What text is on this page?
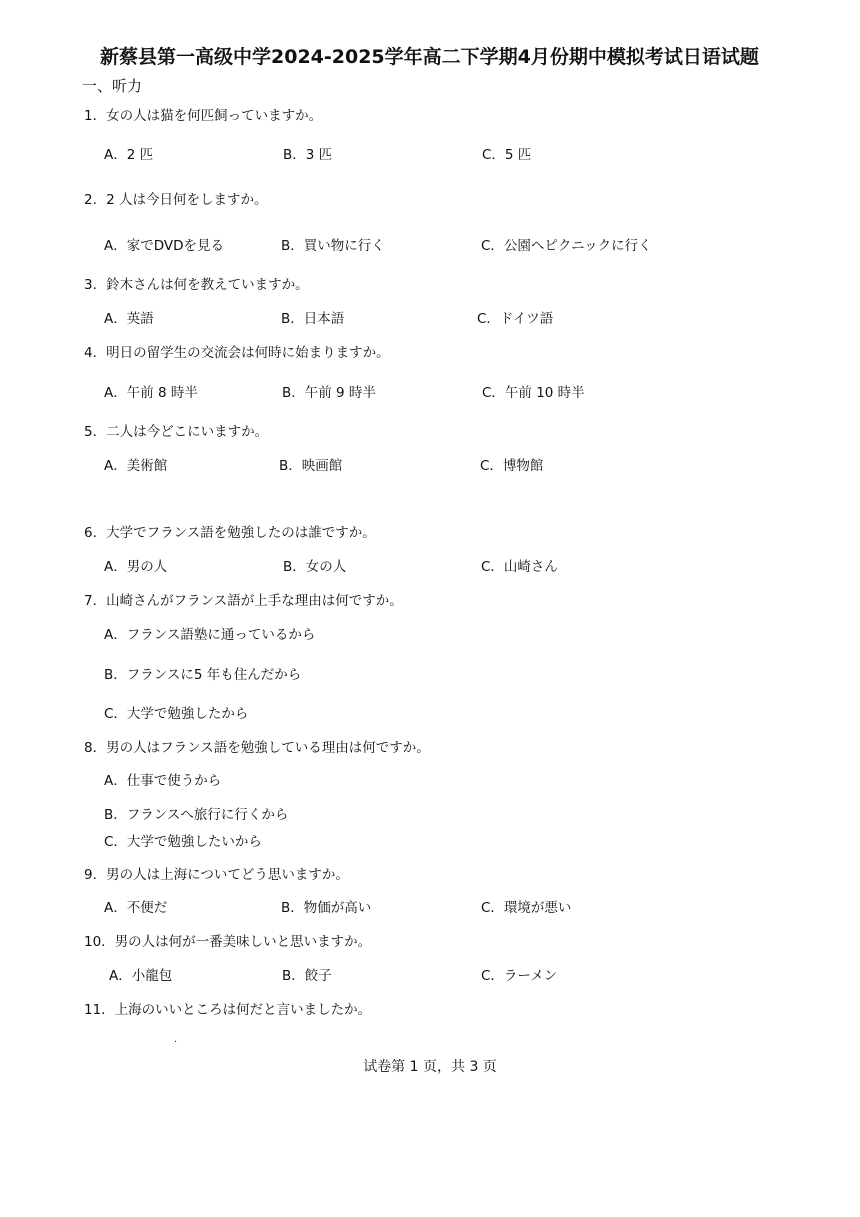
新蔡县第一高级中学2024-2025学年高二下学期4月份期中模拟考试日语试题
一、听力
1．女の人は猫を何匹飼っていますか。
A．2 匹	B．3 匹	C．5 匹
2．2 人は今日何をしますか。
A．家でDVDを見る	B．買い物に行く	C．公園へピクニックに行く
3．鈴木さんは何を教えていますか。
A．英語	B．日本語	C．ドイツ語
4．明日の留学生の交流会は何時に始まりますか。
A．午前 8 時半	B．午前 9 時半	C．午前 10 時半
5．二人は今どこにいますか。
A．美術館	B．映画館	C．博物館
6．大学でフランス語を勉強したのは誰ですか。
A．男の人	B．女の人	C．山崎さん
7．山崎さんがフランス語が上手な理由は何ですか。
A．フランス語塾に通っているから
B．フランスに5 年も住んだから
C．大学で勉強したから
8．男の人はフランス語を勉強している理由は何ですか。
A．仕事で使うから
B．フランスへ旅行に行くから
C．大学で勉強したいから
9．男の人は上海についてどう思いますか。
A．不便だ	B．物価が高い	C．環境が悪い
10．男の人は何が一番美味しいと思いますか。
A．小龍包	B．餃子	C．ラーメン
11．上海のいいところは何だと言いましたか。
.
试卷第 1 页，共 3 页
